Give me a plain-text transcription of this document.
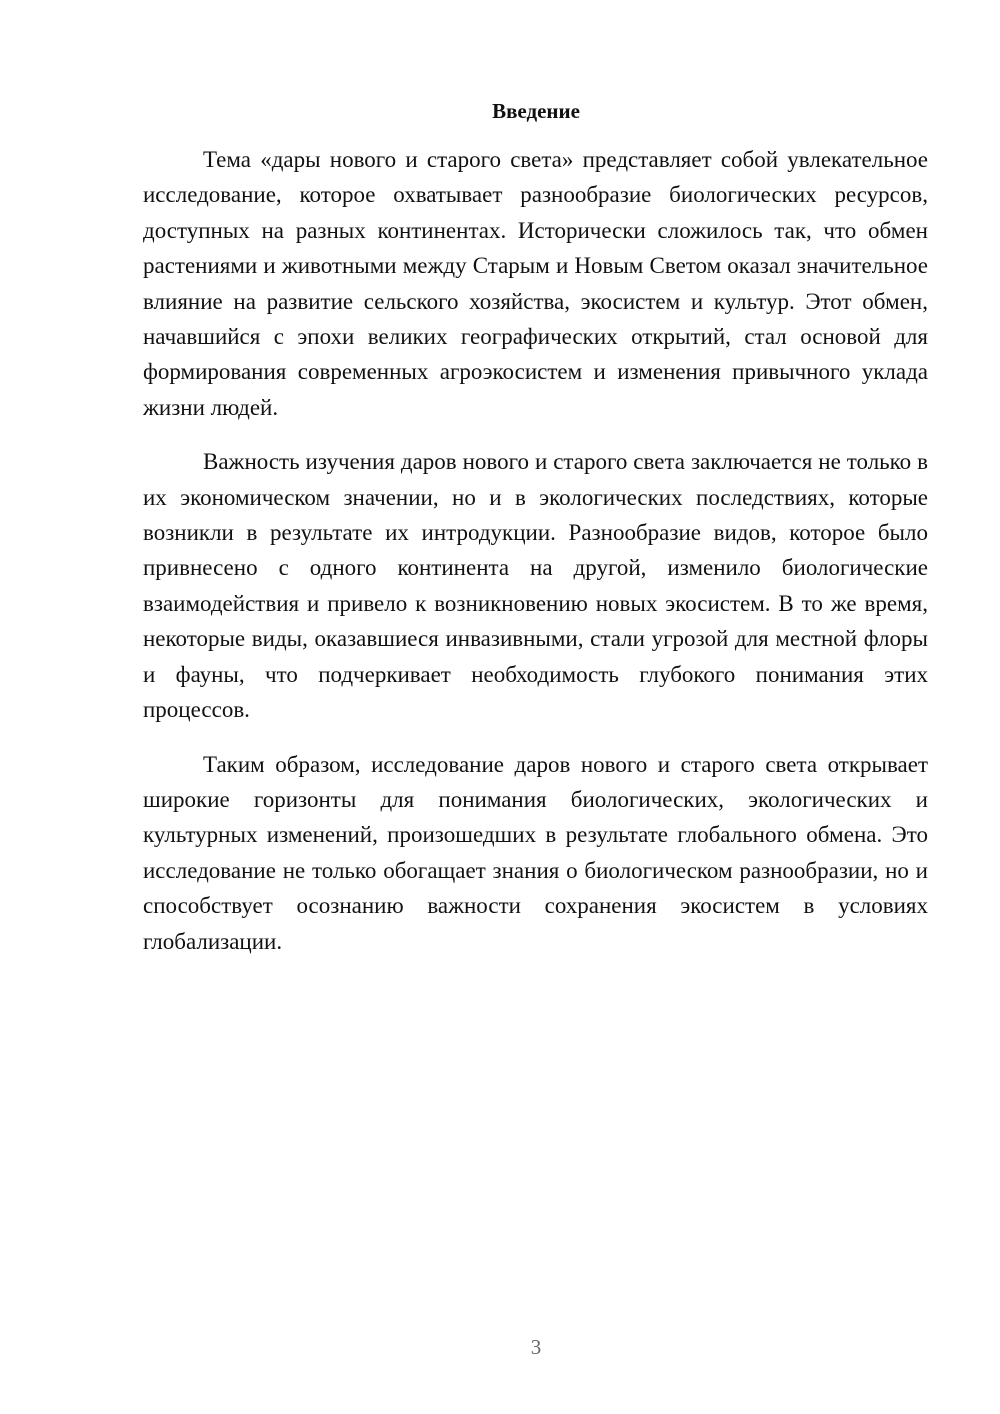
Введение

Тема «дары нового и старого света» представляет собой увлекательное исследование, которое охватывает разнообразие биологических ресурсов, доступных на разных континентах. Исторически сложилось так, что обмен растениями и животными между Старым и Новым Светом оказал значительное влияние на развитие сельского хозяйства, экосистем и культур. Этот обмен, начавшийся с эпохи великих географических открытий, стал основой для формирования современных агроэкосистем и изменения привычного уклада жизни людей.

Важность изучения даров нового и старого света заключается не только в их экономическом значении, но и в экологических последствиях, которые возникли в результате их интродукции. Разнообразие видов, которое было привнесено с одного континента на другой, изменило биологические взаимодействия и привело к возникновению новых экосистем. В то же время, некоторые виды, оказавшиеся инвазивными, стали угрозой для местной флоры и фауны, что подчеркивает необходимость глубокого понимания этих процессов.

Таким образом, исследование даров нового и старого света открывает широкие горизонты для понимания биологических, экологических и культурных изменений, произошедших в результате глобального обмена. Это исследование не только обогащает знания о биологическом разнообразии, но и способствует осознанию важности сохранения экосистем в условиях глобализации.

3
